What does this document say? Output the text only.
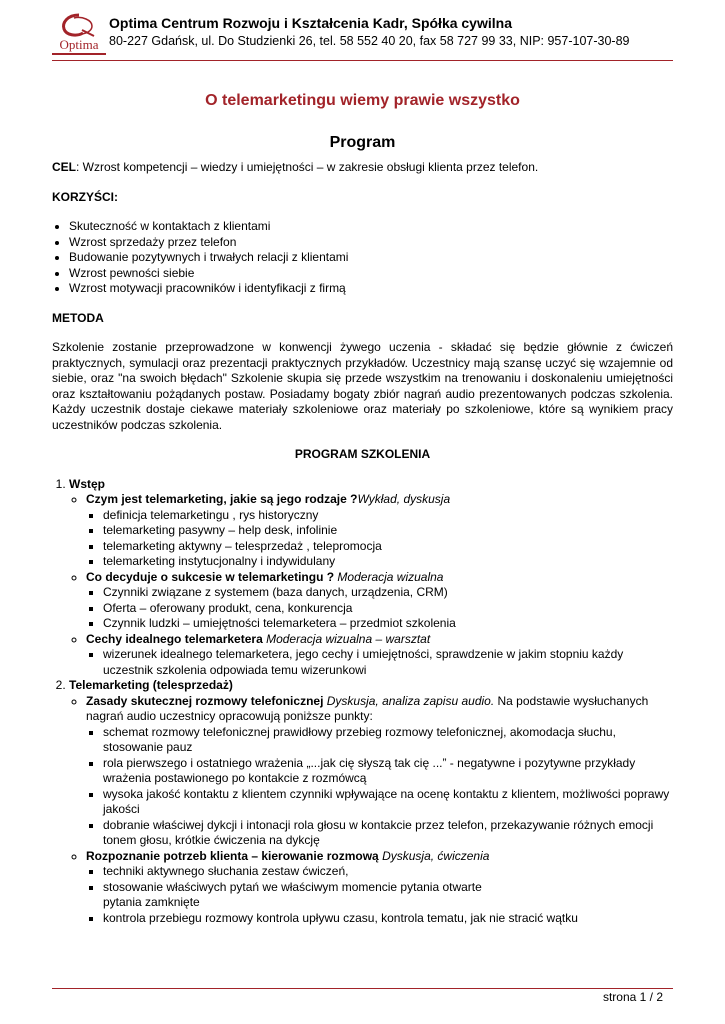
Optima
Optima Centrum Rozwoju i Kształcenia Kadr, Spółka cywilna
80-227 Gdańsk, ul. Do Studzienki 26, tel. 58 552 40 20, fax 58 727 99 33, NIP: 957-107-30-89
O telemarketingu wiemy prawie wszystko
Program

CEL: Wzrost kompetencji – wiedzy i umiejętności – w zakresie obsługi klienta przez telefon.

KORZYŚCI:

• Skuteczność w kontaktach z klientami
• Wzrost sprzedaży przez telefon
• Budowanie pozytywnych i trwałych relacji z klientami
• Wzrost pewności siebie
• Wzrost motywacji pracowników i identyfikacji z firmą

METODA

Szkolenie zostanie przeprowadzone w konwencji żywego uczenia - składać się będzie głównie z ćwiczeń praktycznych, symulacji oraz prezentacji praktycznych przykładów. Uczestnicy mają szansę uczyć się wzajemnie od siebie, oraz "na swoich błędach" Szkolenie skupia się przede wszystkim na trenowaniu i doskonaleniu umiejętności oraz kształtowaniu pożądanych postaw. Posiadamy bogaty zbiór nagrań audio prezentowanych podczas szkolenia. Każdy uczestnik dostaje ciekawe materiały szkoleniowe oraz materiały po szkoleniowe, które są wynikiem pracy uczestników podczas szkolenia.

PROGRAM SZKOLENIA

1. Wstęp
◦ Czym jest telemarketing, jakie są jego rodzaje ?Wykład, dyskusja
▪ definicja telemarketingu , rys historyczny
▪ telemarketing pasywny – help desk, infolinie
▪ telemarketing aktywny – telesprzedaż , telepromocja
▪ telemarketing instytucjonalny i indywidulany
◦ Co decyduje o sukcesie w telemarketingu ? Moderacja wizualna
▪ Czynniki związane z systemem (baza danych, urządzenia, CRM)
▪ Oferta – oferowany produkt, cena, konkurencja
▪ Czynnik ludzki – umiejętności telemarketera – przedmiot szkolenia
◦ Cechy idealnego telemarketera Moderacja wizualna – warsztat
▪ wizerunek idealnego telemarketera, jego cechy i umiejętności, sprawdzenie w jakim stopniu każdy uczestnik szkolenia odpowiada temu wizerunkowi
2. Telemarketing (telesprzedaż)
◦ Zasady skutecznej rozmowy telefonicznej Dyskusja, analiza zapisu audio. Na podstawie wysłuchanych nagrań audio uczestnicy opracowują poniższe punkty:
▪ schemat rozmowy telefonicznej prawidłowy przebieg rozmowy telefonicznej, akomodacja słuchu, stosowanie pauz
▪ rola pierwszego i ostatniego wrażenia „...jak cię słyszą tak cię ...” - negatywne i pozytywne przykłady wrażenia postawionego po kontakcie z rozmówcą
▪ wysoka jakość kontaktu z klientem czynniki wpływające na ocenę kontaktu z klientem, możliwości poprawy jakości
▪ dobranie właściwej dykcji i intonacji rola głosu w kontakcie przez telefon, przekazywanie różnych emocji tonem głosu, krótkie ćwiczenia na dykcję
◦ Rozpoznanie potrzeb klienta – kierowanie rozmową Dyskusja, ćwiczenia
▪ techniki aktywnego słuchania zestaw ćwiczeń,
▪ stosowanie właściwych pytań we właściwym momencie pytania otwarte
pytania zamknięte
▪ kontrola przebiegu rozmowy kontrola upływu czasu, kontrola tematu, jak nie stracić wątku
strona 1 / 2
